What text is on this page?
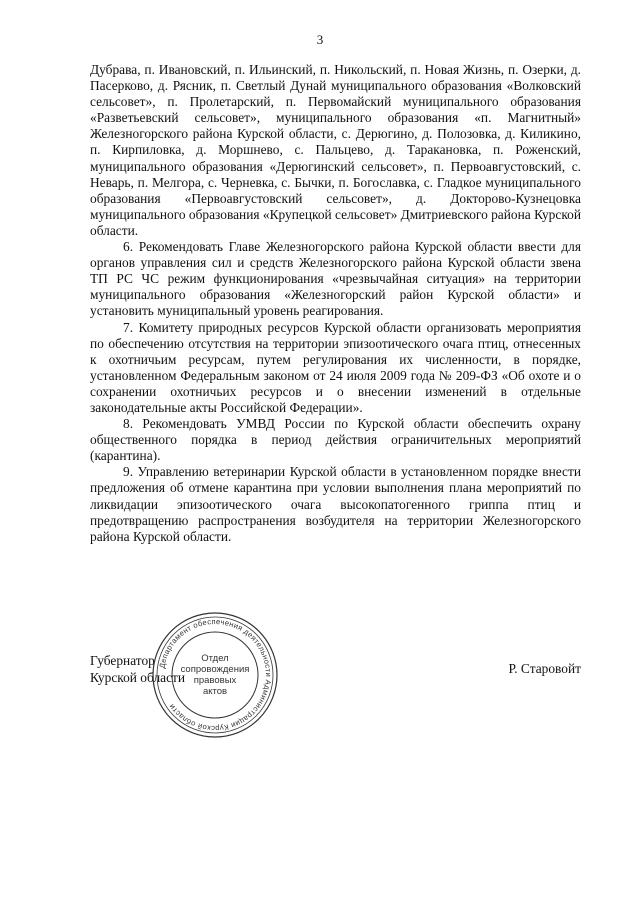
3

Дубрава, п. Ивановский, п. Ильинский, п. Никольский, п. Новая Жизнь, п. Озерки, д. Пасерково, д. Рясник, п. Светлый Дунай муниципального образования «Волковский сельсовет», п. Пролетарский, п. Первомайский муниципального образования «Разветьевский сельсовет», муниципального образования «п. Магнитный» Железногорского района Курской области, с. Дерюгино, д. Полозовка, д. Киликино, п. Кирпиловка, д. Моршнево, с. Пальцево, д. Таракановка, п. Роженский, муниципального образования «Дерюгинский сельсовет», п. Первоавгустовский, с. Неварь, п. Мелгора, с. Черневка, с. Бычки, п. Богославка, с. Гладкое муниципального образования «Первоавгустовский сельсовет», д. Докторово-Кузнецовка муниципального образования «Крупецкой сельсовет» Дмитриевского района Курской области.

6. Рекомендовать Главе Железногорского района Курской области ввести для органов управления сил и средств Железногорского района Курской области звена ТП РС ЧС режим функционирования «чрезвычайная ситуация» на территории муниципального образования «Железногорский район Курской области» и установить муниципальный уровень реагирования.

7. Комитету природных ресурсов Курской области организовать мероприятия по обеспечению отсутствия на территории эпизоотического очага птиц, отнесенных к охотничьим ресурсам, путем регулирования их численности, в порядке, установленном Федеральным законом от 24 июля 2009 года № 209-ФЗ «Об охоте и о сохранении охотничьих ресурсов и о внесении изменений в отдельные законодательные акты Российской Федерации».

8. Рекомендовать УМВД России по Курской области обеспечить охрану общественного порядка в период действия ограничительных мероприятий (карантина).

9. Управлению ветеринарии Курской области в установленном порядке внести предложения об отмене карантина при условии выполнения плана мероприятий по ликвидации эпизоотического очага высокопатогенного гриппа птиц и предотвращению распространения возбудителя на территории Железногорского района Курской области.

Губернатор
Курской области
Р. Старовойт
Департамент обеспечения деятельности Администрации Курской области
Отдел
сопровождения
правовых
актов
